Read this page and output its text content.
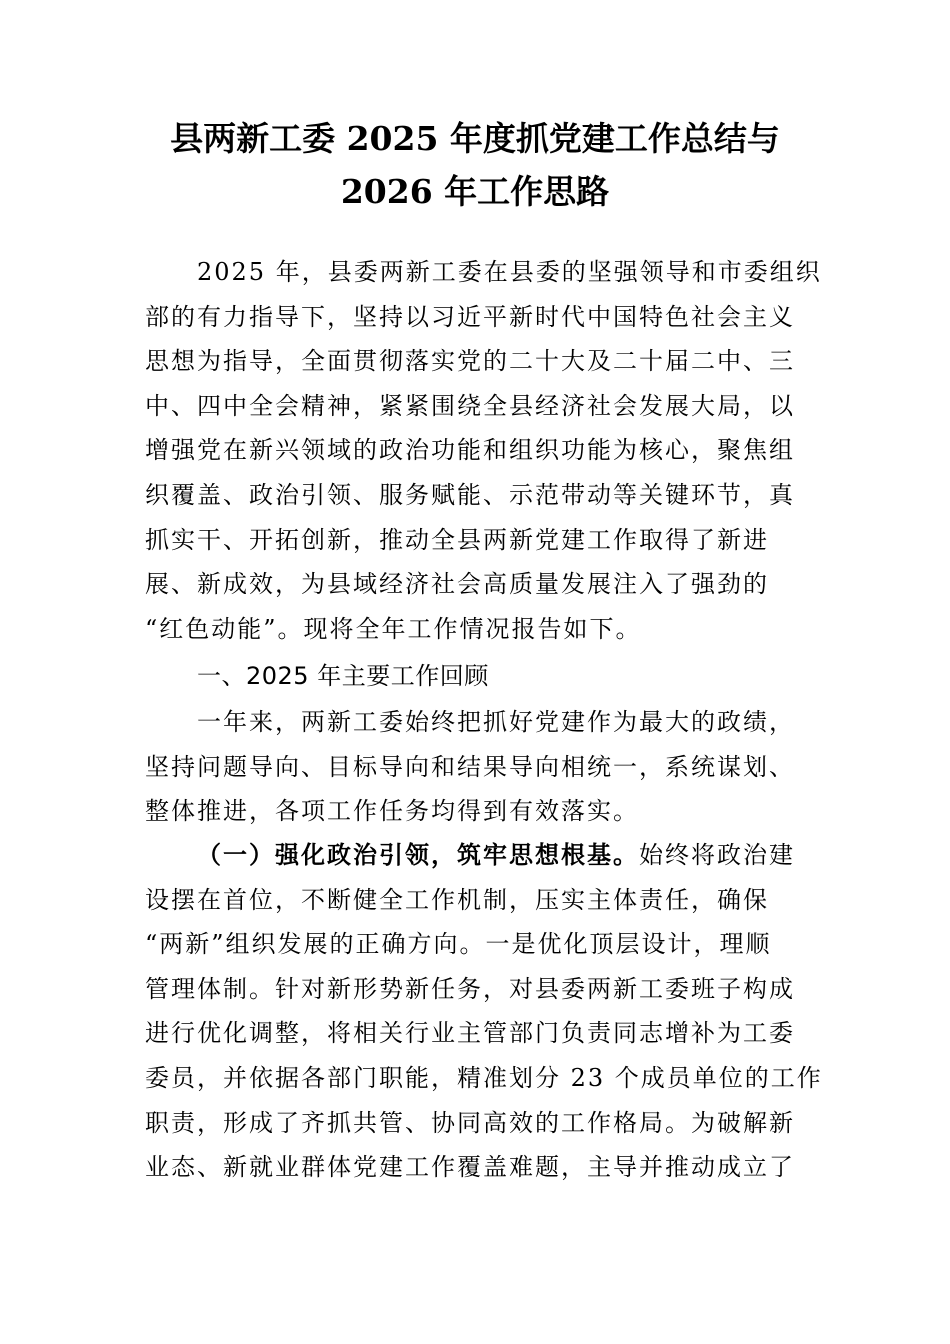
县两新工委 2025 年度抓党建工作总结与
2026 年工作思路
2025 年，县委两新工委在县委的坚强领导和市委组织
部的有力指导下，坚持以习近平新时代中国特色社会主义
思想为指导，全面贯彻落实党的二十大及二十届二中、三
中、四中全会精神，紧紧围绕全县经济社会发展大局，以
增强党在新兴领域的政治功能和组织功能为核心，聚焦组
织覆盖、政治引领、服务赋能、示范带动等关键环节，真
抓实干、开拓创新，推动全县两新党建工作取得了新进
展、新成效，为县域经济社会高质量发展注入了强劲的
“红色动能”。现将全年工作情况报告如下。
一、2025 年主要工作回顾
一年来，两新工委始终把抓好党建作为最大的政绩，
坚持问题导向、目标导向和结果导向相统一，系统谋划、
整体推进，各项工作任务均得到有效落实。
（一）强化政治引领，筑牢思想根基。始终将政治建
设摆在首位，不断健全工作机制，压实主体责任，确保
“两新”组织发展的正确方向。一是优化顶层设计，理顺
管理体制。针对新形势新任务，对县委两新工委班子构成
进行优化调整，将相关行业主管部门负责同志增补为工委
委员，并依据各部门职能，精准划分 23 个成员单位的工作
职责，形成了齐抓共管、协同高效的工作格局。为破解新
业态、新就业群体党建工作覆盖难题，主导并推动成立了
